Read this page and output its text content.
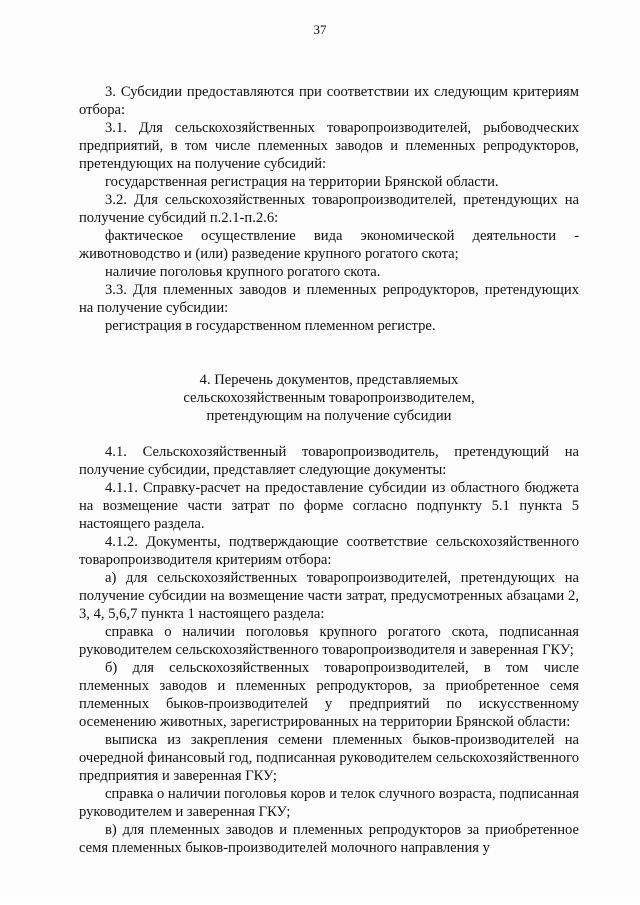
37

3. Субсидии предоставляются при соответствии их следующим критериям отбора:

3.1. Для сельскохозяйственных товаропроизводителей, рыбоводческих предприятий, в том числе племенных заводов и племенных репродукторов, претендующих на получение субсидий:

государственная регистрация на территории Брянской области.

3.2. Для сельскохозяйственных товаропроизводителей, претендующих на получение субсидий п.2.1-п.2.6:

фактическое осуществление вида экономической деятельности - животноводство и (или) разведение крупного рогатого скота;

наличие поголовья крупного рогатого скота.

3.3. Для племенных заводов и племенных репродукторов, претендующих на получение субсидии:

регистрация в государственном племенном регистре.

4. Перечень документов, представляемых

сельскохозяйственным товаропроизводителем,

претендующим на получение субсидии

4.1. Сельскохозяйственный товаропроизводитель, претендующий на получение субсидии, представляет следующие документы:

4.1.1. Справку-расчет на предоставление субсидии из областного бюджета на возмещение части затрат по форме согласно подпункту 5.1 пункта 5 настоящего раздела.

4.1.2. Документы, подтверждающие соответствие сельскохозяйственного товаропроизводителя критериям отбора:

а) для сельскохозяйственных товаропроизводителей, претендующих на получение субсидии на возмещение части затрат, предусмотренных абзацами 2, 3, 4, 5,6,7 пункта 1 настоящего раздела:

справка о наличии поголовья крупного рогатого скота, подписанная руководителем сельскохозяйственного товаропроизводителя и заверенная ГКУ;

б) для сельскохозяйственных товаропроизводителей, в том числе племенных заводов и племенных репродукторов, за приобретенное семя племенных быков-производителей у предприятий по искусственному осеменению животных, зарегистрированных на территории Брянской области:

выписка из закрепления семени племенных быков-производителей на очередной финансовый год, подписанная руководителем сельскохозяйственного предприятия и заверенная ГКУ;

справка о наличии поголовья коров и телок случного возраста, подписанная руководителем и заверенная ГКУ;

в) для племенных заводов и племенных репродукторов за приобретенное семя племенных быков-производителей молочного направления у
